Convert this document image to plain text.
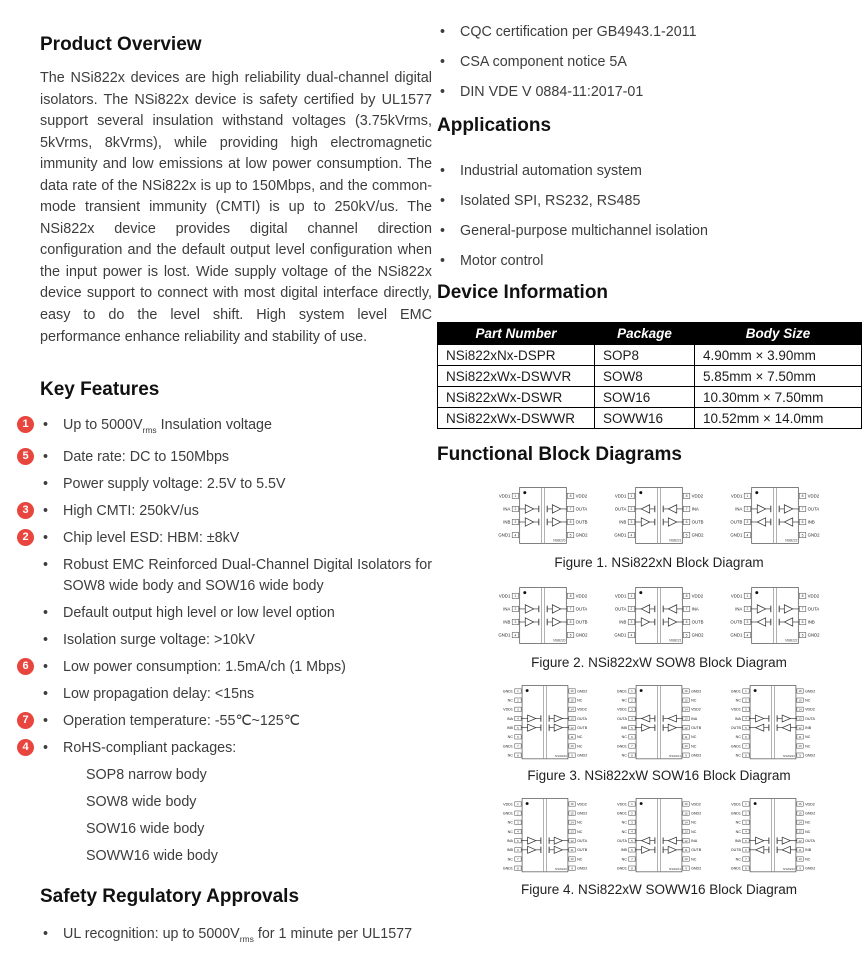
Product Overview

The NSi822x devices are high reliability dual-channel digital isolators. The NSi822x device is safety certified by UL1577 support several insulation withstand voltages (3.75kVrms, 5kVrms, 8kVrms), while providing high electromagnetic immunity and low emissions at low power consumption. The data rate of the NSi822x is up to 150Mbps, and the common-mode transient immunity (CMTI) is up to 250kV/us. The NSi822x device provides digital channel direction configuration and the default output level configuration when the input power is lost. Wide supply voltage of the NSi822x device support to connect with most digital interface directly, easy to do the level shift. High system level EMC performance enhance reliability and stability of use.

Key Features
1	• Up to $5000V_{rms}$ Insulation voltage
5	• Date rate: DC to 150Mbps
• Power supply voltage: 2.5V to 5.5V
3	• High CMTI: 250kV/us
2	• Chip level ESD: HBM: ±8kV
• Robust EMC Reinforced Dual-Channel Digital Isolators for SOW8 wide body and SOW16 wide body
• Default output high level or low level option
• Isolation surge voltage: >10kV
6	• Low power consumption: 1.5mA/ch (1 Mbps)
• Low propagation delay: <15ns
7	• Operation temperature: -55℃~125℃
4	• RoHS-compliant packages:
SOP8 narrow body
SOW8 wide body
SOW16 wide body
SOWW16 wide body
Safety Regulatory Approvals
• UL recognition: up to $5000V_{rms}$ for 1 minute per UL1577
• CQC certification per GB4943.1-2011
• CSA component notice 5A
• DIN VDE V 0884-11:2017-01
Applications
• Industrial automation system
• Isolated SPI, RS232, RS485
• General-purpose multichannel isolation
• Motor control
Device Information
Part Number	Package	Body Size
NSi822xNx-DSPR	SOP8	4.90mm × 3.90mm
NSi822xWx-DSWVR	SOW8	5.85mm × 7.50mm
NSi822xWx-DSWR	SOW16	10.30mm × 7.50mm
NSi822xWx-DSWWR	SOWW16	10.52mm × 14.0mm
Functional Block Diagrams
1
VDD1	8 VDD2
2
INA	7 OUTA
3
INB	6 OUTB
4
GND1	5 GND2
NSi8220
1
VDD1	8 VDD2
2
OUTA	7 INA
3
INB	6 OUTB
4
GND1	5 GND2
NSi8221
1
VDD1	8 VDD2
2
INA	7 OUTA
3
OUTB	6 INB
4
GND1	5 GND2
NSi8222
Figure 1. NSi822xN Block Diagram
1
VDD1	8 VDD2
2
INA	7 OUTA
3
INB	6 OUTB
4
GND1	5 GND2
NSi8220
1
VDD1	8 VDD2
2
OUTA	7 INA
3
INB	6 OUTB
4
GND1	5 GND2
NSi8221
1
VDD1	8 VDD2
2
INA	7 OUTA
3
OUTB	6 INB
4
GND1	5 GND2
NSi8222
Figure 2. NSi822xW SOW8 Block Diagram
1
GND1	16 GND2
2
NC	15 NC
3
VDD1	14 VDD2
4
INA	13 OUTA
5
INB	12 OUTB
6
NC	11 NC
7
GND1	10 NC
8
NC	9 GND2
NSi8220
1
GND1	16 GND2
2
NC	15 NC
3
VDD1	14 VDD2
4
OUTA	13 INA
5
INB	12 OUTB
6
NC	11 NC
7
GND1	10 NC
8
NC	9 GND2
NSi8221
1
GND1	16 GND2
2
NC	15 NC
3
VDD1	14 VDD2
4
INA	13 OUTA
5
OUTB	12 INB
6
NC	11 NC
7
GND1	10 NC
8
NC	9 GND2
NSi8222
Figure 3. NSi822xW SOW16 Block Diagram
1
VDD1	16 VDD2
2
GND1	15 GND2
3
NC	14 NC
4
NC	13 NC
5
INA	12 OUTA
6
INB	11 OUTB
7
NC	10 NC
8
GND1	9 GND2
NSi8220
1
VDD1	16 VDD2
2
GND1	15 GND2
3
NC	14 NC
4
NC	13 NC
5
OUTA	12 INA
6
INB	11 OUTB
7
NC	10 NC
8
GND1	9 GND2
NSi8221
1
VDD1	16 VDD2
2
GND1	15 GND2
3
NC	14 NC
4
NC	13 NC
5
INA	12 OUTA
6
OUTB	11 INB
7
NC	10 NC
8
GND1	9 GND2
NSi8222
Figure 4. NSi822xW SOWW16 Block Diagram
